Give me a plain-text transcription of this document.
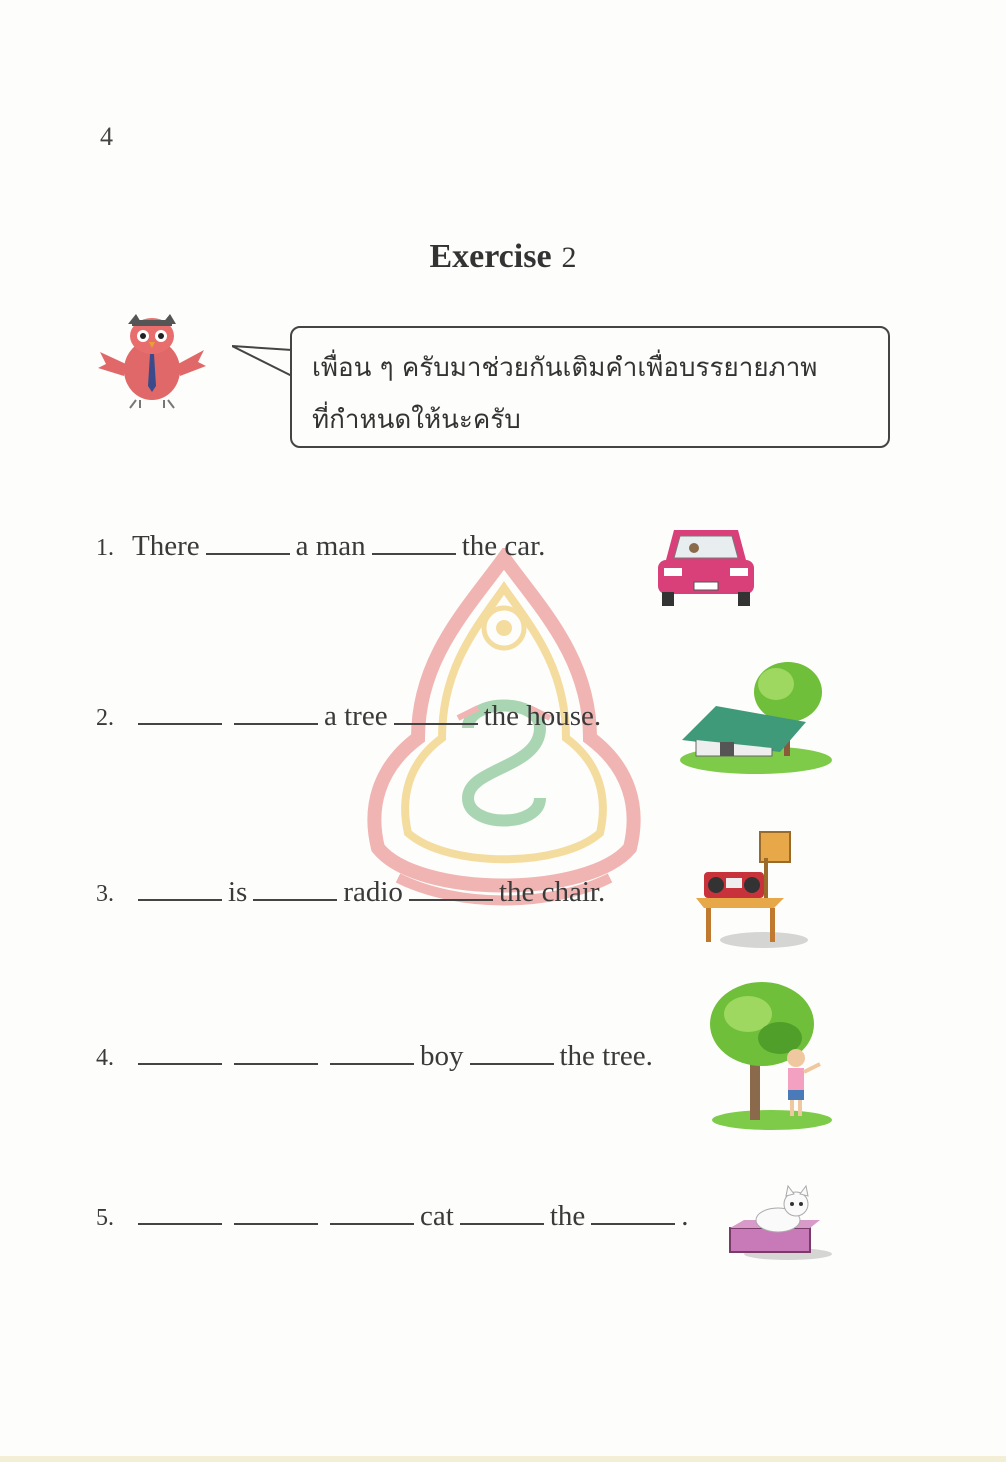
4
Exercise 2
เพื่อน ๆ ครับมาช่วยกันเติมคำเพื่อบรรยายภาพ
ที่กำหนดให้นะครับ
1. There	a man	the car.
2.	a tree	the house.
3.	is	radio	the chair.
4.	boy	the tree.
5.	cat	the	.
